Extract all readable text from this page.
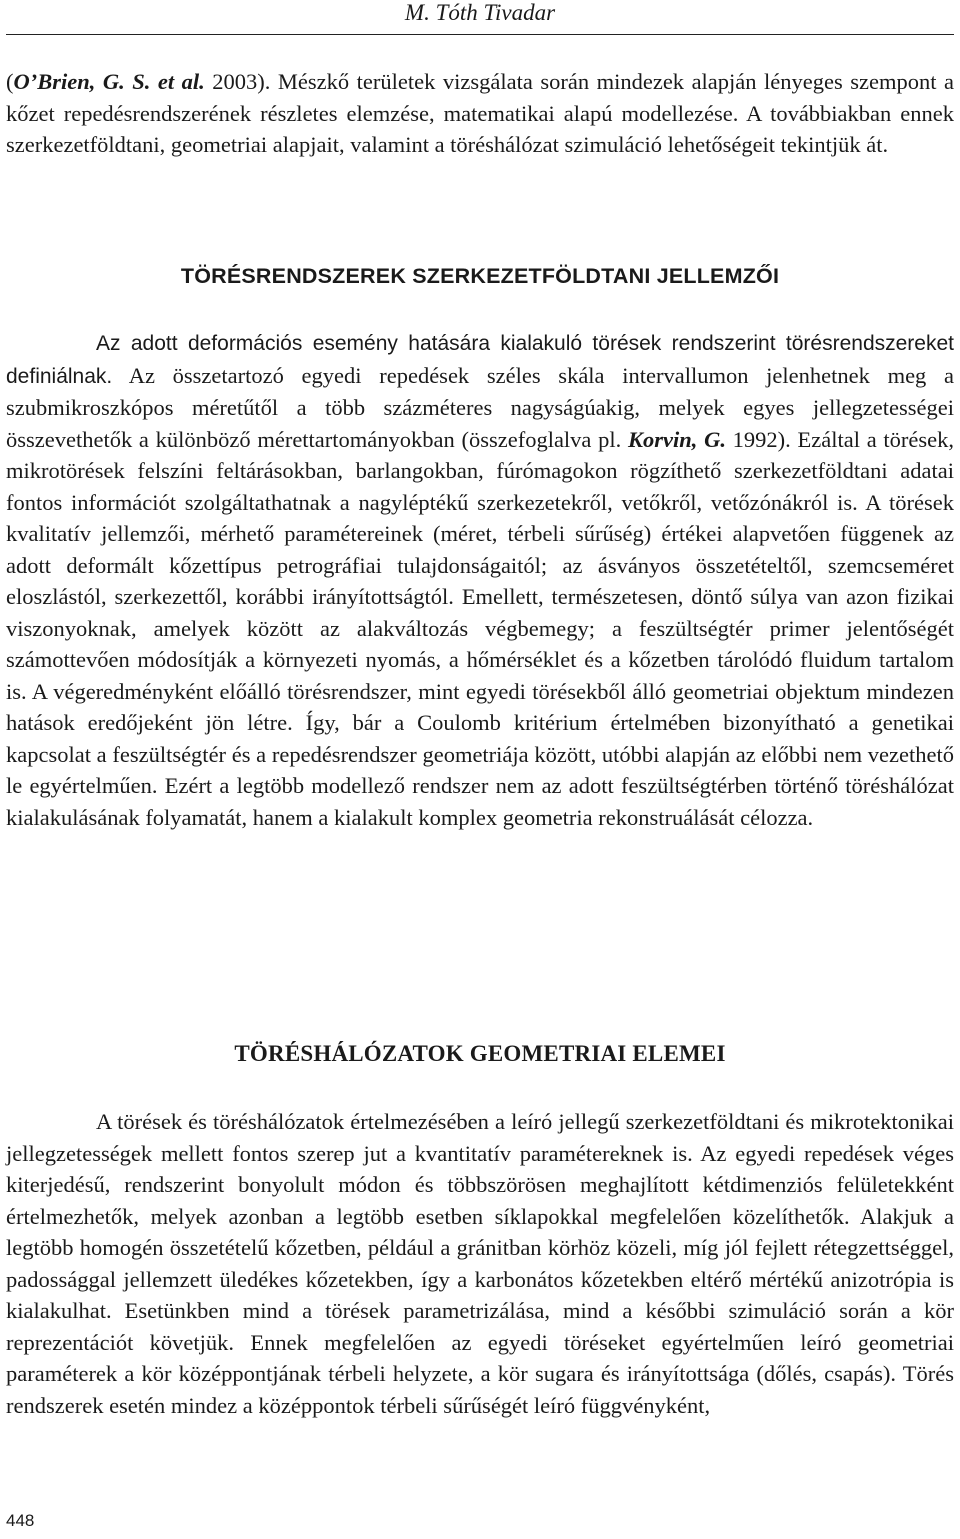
M. Tóth Tivadar

(O’Brien, G. S. et al. 2003). Mészkő területek vizsgálata során mindezek alapján lényeges szempont a kőzet repedésrendszerének részletes elemzése, matematikai alapú modellezése. A továbbiakban ennek szerkezetföldtani, geometriai alapjait, valamint a töréshálózat szimuláció lehetőségeit tekintjük át.

TÖRÉSRENDSZEREK SZERKEZETFÖLDTANI JELLEMZŐI

Az adott deformációs esemény hatására kialakuló törések rendszerint törésrendszereket definiálnak. Az összetartozó egyedi repedések széles skála intervallumon jelenhetnek meg a szubmikroszkópos méretűtől a több százméteres nagyságúakig, melyek egyes jellegzetességei összevethetők a különböző mérettartományokban (összefoglalva pl. Korvin, G. 1992). Ezáltal a törések, mikrotörések felszíni feltárásokban, barlangokban, fúrómagokon rögzíthető szerkezetföldtani adatai fontos információt szolgáltathatnak a nagyléptékű szerkezetekről, vetőkről, vetőzónákról is. A törések kvalitatív jellemzői, mérhető paramétereinek (méret, térbeli sűrűség) értékei alapvetően függenek az adott deformált kőzettípus petrográfiai tulajdonságaitól; az ásványos összetételtől, szemcseméret eloszlástól, szerkezettől, korábbi irányítottságtól. Emellett, természetesen, döntő súlya van azon fizikai viszonyoknak, amelyek között az alakváltozás végbemegy; a feszültségtér primer jelentőségét számottevően módosítják a környezeti nyomás, a hőmérséklet és a kőzetben tárolódó fluidum tartalom is. A végeredményként előálló törésrendszer, mint egyedi törésekből álló geometriai objektum mindezen hatások eredőjeként jön létre. Így, bár a Coulomb kritérium értelmében bizonyítható a genetikai kapcsolat a feszültségtér és a repedésrendszer geometriája között, utóbbi alapján az előbbi nem vezethető le egyértelműen. Ezért a legtöbb modellező rendszer nem az adott feszültségtérben történő töréshálózat kialakulásának folyamatát, hanem a kialakult komplex geometria rekonstruálását célozza.

TÖRÉSHÁLÓZATOK GEOMETRIAI ELEMEI

A törések és töréshálózatok értelmezésében a leíró jellegű szerkezetföldtani és mikrotektonikai jellegzetességek mellett fontos szerep jut a kvantitatív paramétereknek is. Az egyedi repedések véges kiterjedésű, rendszerint bonyolult módon és többszörösen meghajlított kétdimenziós felületekként értelmezhetők, melyek azonban a legtöbb esetben síklapokkal megfelelően közelíthetők. Alakjuk a legtöbb homogén összetételű kőzetben, például a gránitban körhöz közeli, míg jól fejlett rétegzettséggel, padossággal jellemzett üledékes kőzetekben, így a karbonátos kőzetekben eltérő mértékű anizotrópia is kialakulhat. Esetünkben mind a törések parametrizálása, mind a későbbi szimuláció során a kör reprezentációt követjük. Ennek megfelelően az egyedi töréseket egyértelműen leíró geometriai paraméterek a kör középpontjának térbeli helyzete, a kör sugara és irányítottsága (dőlés, csapás). Törés rendszerek esetén mindez a középpontok térbeli sűrűségét leíró függvényként,

448
